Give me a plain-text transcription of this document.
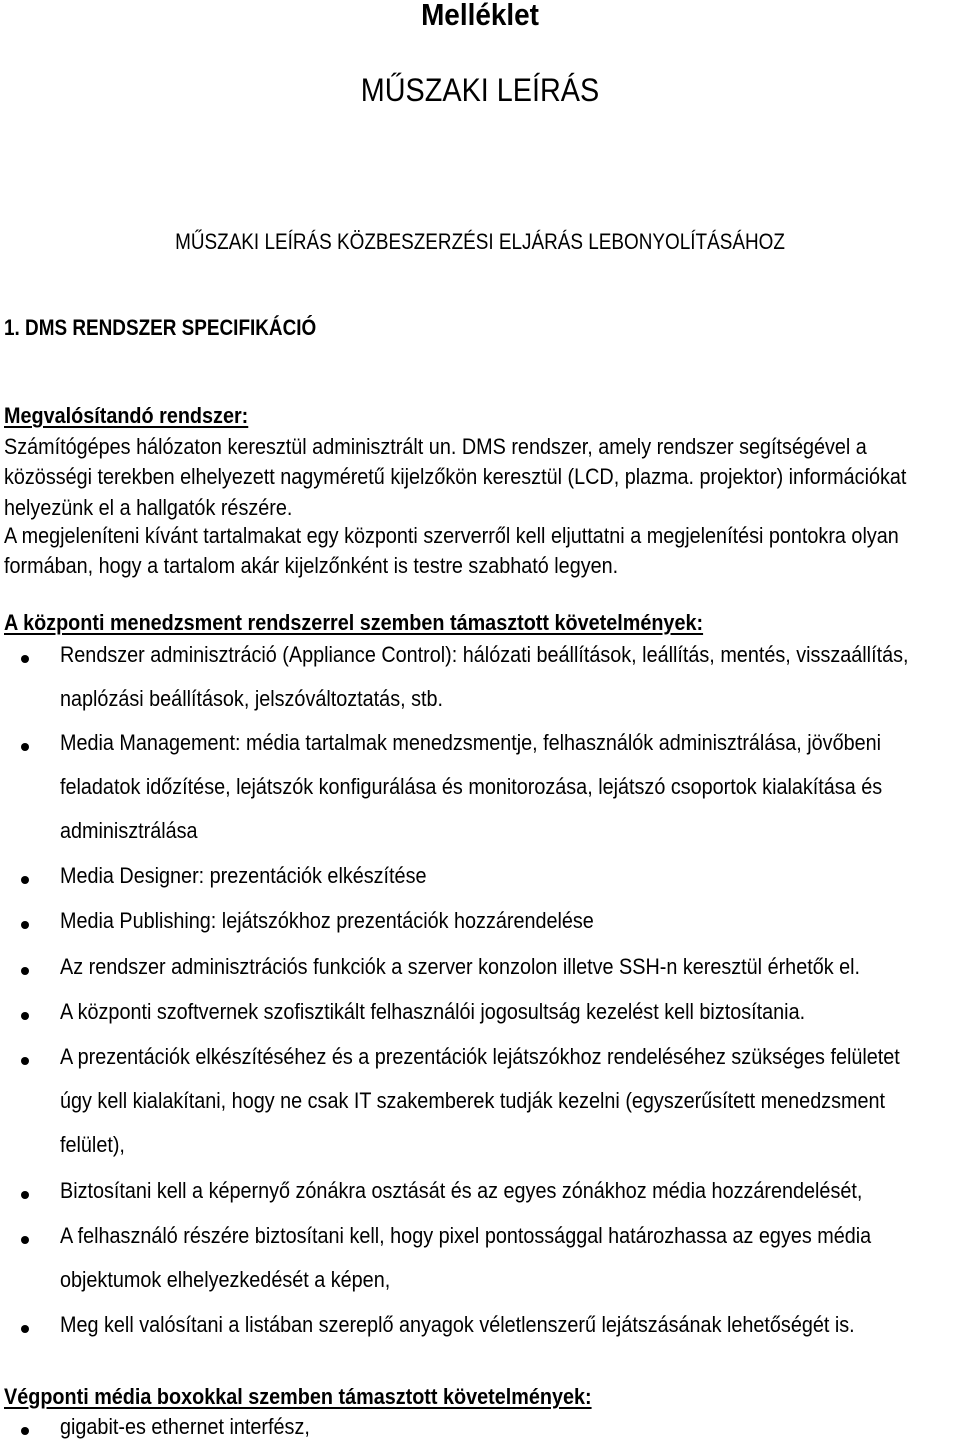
Melléklet
MŰSZAKI LEÍRÁS
MŰSZAKI LEÍRÁS KÖZBESZERZÉSI ELJÁRÁS LEBONYOLÍTÁSÁHOZ
1. DMS RENDSZER SPECIFIKÁCIÓ
Megvalósítandó rendszer:
Számítógépes hálózaton keresztül adminisztrált un. DMS rendszer, amely rendszer segítségével a
közösségi terekben elhelyezett nagyméretű kijelzőkön keresztül (LCD, plazma. projektor) információkat
helyezünk el a hallgatók részére.
A megjeleníteni kívánt tartalmakat egy központi szerverről kell eljuttatni a megjelenítési pontokra olyan
formában, hogy a tartalom akár kijelzőnként is testre szabható legyen.
A központi menedzsment rendszerrel szemben támasztott követelmények:
Rendszer adminisztráció (Appliance Control): hálózati beállítások, leállítás, mentés, visszaállítás,
naplózási beállítások, jelszóváltoztatás, stb.
Media Management: média tartalmak menedzsmentje, felhasználók adminisztrálása, jövőbeni
feladatok időzítése, lejátszók konfigurálása és monitorozása, lejátszó csoportok kialakítása és
adminisztrálása
Media Designer: prezentációk elkészítése
Media Publishing: lejátszókhoz prezentációk hozzárendelése
Az rendszer adminisztrációs funkciók a szerver konzolon illetve SSH-n keresztül érhetők el.
A központi szoftvernek szofisztikált felhasználói jogosultság kezelést kell biztosítania.
A prezentációk elkészítéséhez és a prezentációk lejátszókhoz rendeléséhez szükséges felületet
úgy kell kialakítani, hogy ne csak IT szakemberek tudják kezelni (egyszerűsített menedzsment
felület),
Biztosítani kell a képernyő zónákra osztását és az egyes zónákhoz média hozzárendelését,
A felhasználó részére biztosítani kell, hogy pixel pontossággal határozhassa az egyes média
objektumok elhelyezkedését a képen,
Meg kell valósítani a listában szereplő anyagok véletlenszerű lejátszásának lehetőségét is.
Végponti média boxokkal szemben támasztott követelmények:
gigabit-es ethernet interfész,
